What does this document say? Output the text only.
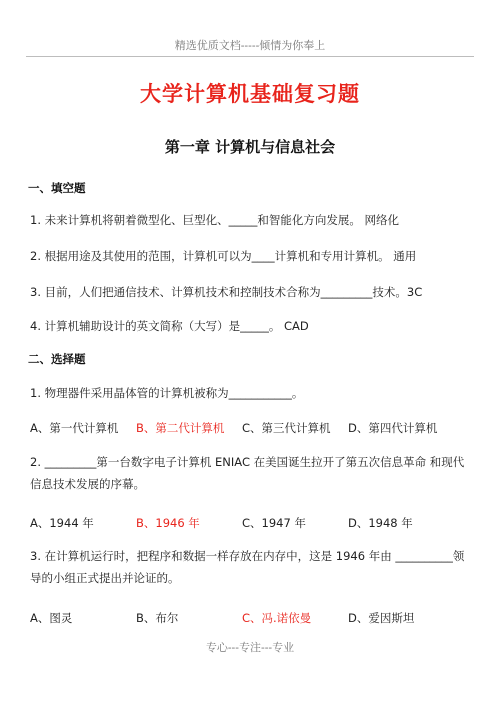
精选优质文档-----倾情为你奉上
大学计算机基础复习题
第一章 计算机与信息社会
一、填空题
1. 未来计算机将朝着微型化、巨型化、_____和智能化方向发展。 网络化
2. 根据用途及其使用的范围，计算机可以为____计算机和专用计算机。 通用
3. 目前，人们把通信技术、计算机技术和控制技术合称为_________技术。3C
4. 计算机辅助设计的英文简称（大写）是_____。 CAD
二、选择题
1. 物理器件采用晶体管的计算机被称为___________。
A、第一代计算机 B、第二代计算机 C、第三代计算机 D、第四代计算机
2. _________第一台数字电子计算机 ENIAC 在美国诞生拉开了第五次信息革命 和现代信息技术发展的序幕。
A、1944 年	B、1946 年	C、1947 年	D、1948 年
3. 在计算机运行时，把程序和数据一样存放在内存中，这是 1946 年由 __________领导的小组正式提出并论证的。
A、图灵	B、布尔	C、冯.诺依曼	D、爱因斯坦
专心---专注---专业
